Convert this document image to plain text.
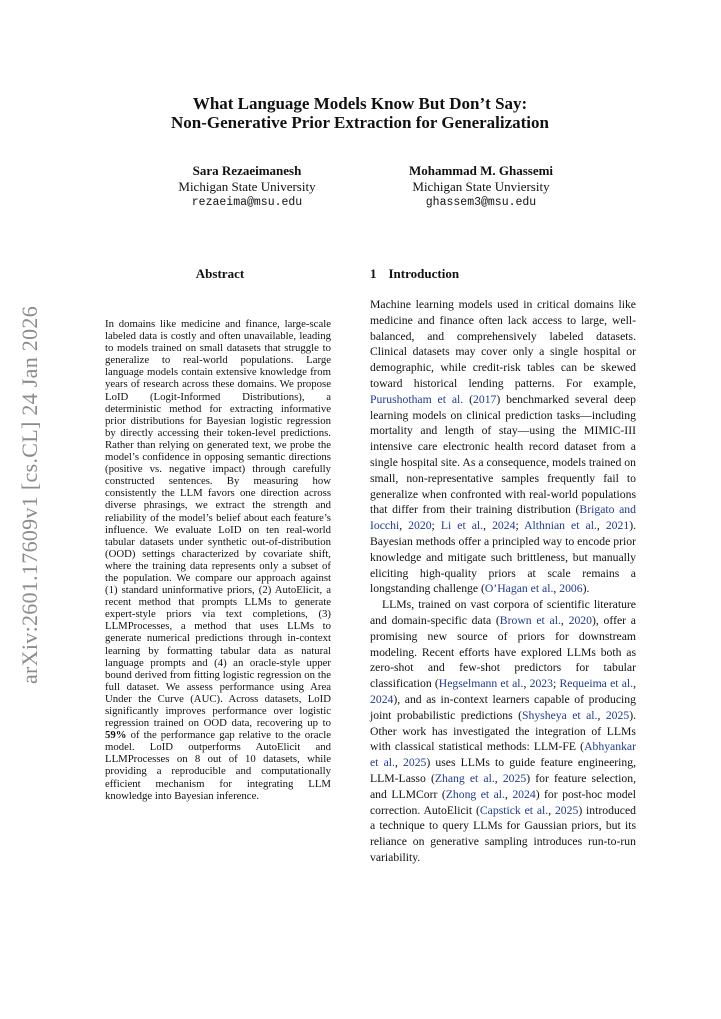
arXiv:2601.17609v1 [cs.CL] 24 Jan 2026
What Language Models Know But Don’t Say:
Non-Generative Prior Extraction for Generalization
Sara Rezaeimanesh
Michigan State University
rezaeima@msu.edu
Mohammad M. Ghassemi
Michigan State Unviersity
ghassem3@msu.edu
Abstract
In domains like medicine and finance, large-scale labeled data is costly and often unavailable, leading to models trained on small datasets that struggle to generalize to real-world populations. Large language models contain extensive knowledge from years of research across these domains. We propose LoID (Logit-Informed Distributions), a deterministic method for extracting informative prior distributions for Bayesian logistic regression by directly accessing their token-level predictions. Rather than relying on generated text, we probe the model’s confidence in opposing semantic directions (positive vs. negative impact) through carefully constructed sentences. By measuring how consistently the LLM favors one direction across diverse phrasings, we extract the strength and reliability of the model’s belief about each feature’s influence. We evaluate LoID on ten real-world tabular datasets under synthetic out-of-distribution (OOD) settings characterized by covariate shift, where the training data represents only a subset of the population. We compare our approach against (1) standard uninformative priors, (2) AutoElicit, a recent method that prompts LLMs to generate expert-style priors via text completions, (3) LLMProcesses, a method that uses LLMs to generate numerical predictions through in-context learning by formatting tabular data as natural language prompts and (4) an oracle-style upper bound derived from fitting logistic regression on the full dataset. We assess performance using Area Under the Curve (AUC). Across datasets, LoID significantly improves performance over logistic regression trained on OOD data, recovering up to 59% of the performance gap relative to the oracle model. LoID outperforms AutoElicit and LLMProcesses on 8 out of 10 datasets, while providing a reproducible and computationally efficient mechanism for integrating LLM knowledge into Bayesian inference.
1 Introduction

Machine learning models used in critical domains like medicine and finance often lack access to large, well-balanced, and comprehensively labeled datasets. Clinical datasets may cover only a single hospital or demographic, while credit-risk tables can be skewed toward historical lending patterns. For example, Purushotham et al. (2017) benchmarked several deep learning models on clinical prediction tasks—including mortality and length of stay—using the MIMIC-III intensive care electronic health record dataset from a single hospital site. As a consequence, models trained on small, non-representative samples frequently fail to generalize when confronted with real-world populations that differ from their training distribution (Brigato and Iocchi, 2020; Li et al., 2024; Althnian et al., 2021). Bayesian methods offer a principled way to encode prior knowledge and mitigate such brittleness, but manually eliciting high-quality priors at scale remains a longstanding challenge (O’Hagan et al., 2006).

LLMs, trained on vast corpora of scientific literature and domain-specific data (Brown et al., 2020), offer a promising new source of priors for downstream modeling. Recent efforts have explored LLMs both as zero-shot and few-shot predictors for tabular classification (Hegselmann et al., 2023; Requeima et al., 2024), and as in-context learners capable of producing joint probabilistic predictions (Shysheya et al., 2025). Other work has investigated the integration of LLMs with classical statistical methods: LLM-FE (Abhyankar et al., 2025) uses LLMs to guide feature engineering, LLM-Lasso (Zhang et al., 2025) for feature selection, and LLMCorr (Zhong et al., 2024) for post-hoc model correction. AutoElicit (Capstick et al., 2025) introduced a technique to query LLMs for Gaussian priors, but its reliance on generative sampling introduces run-to-run variability.
